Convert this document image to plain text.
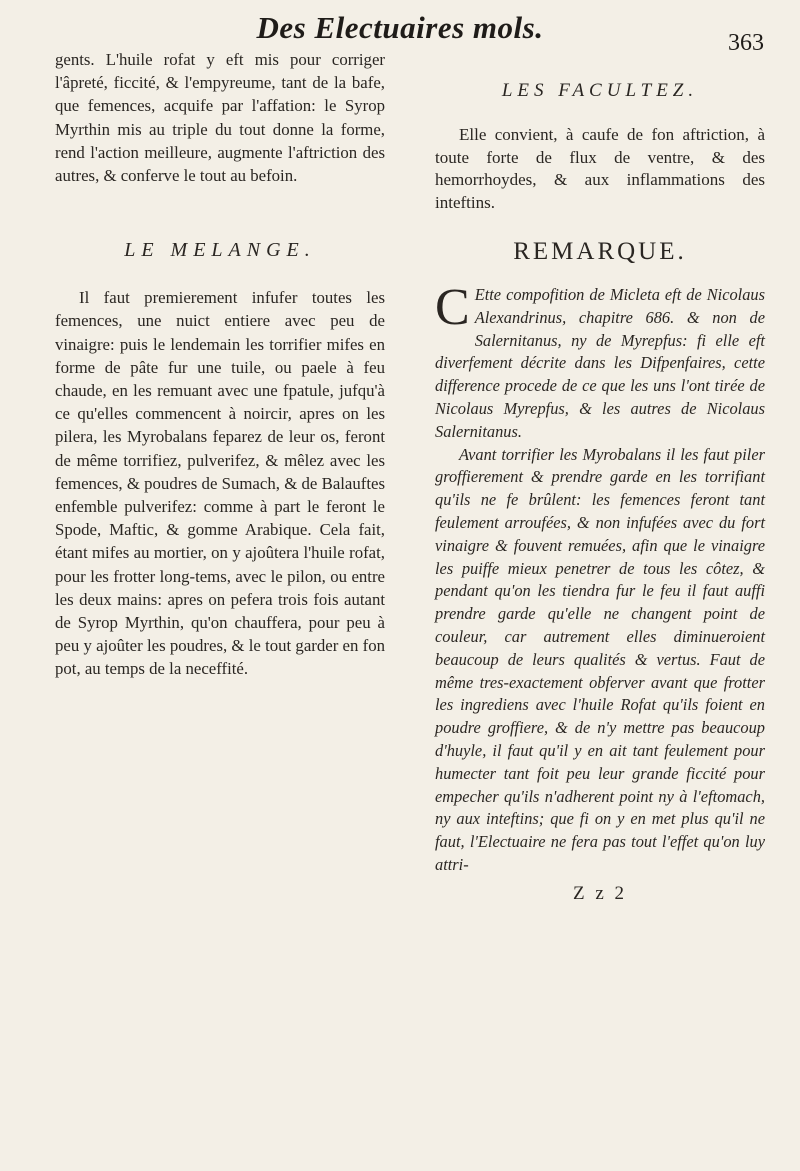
Des Electuaires mols.	363

gents. L'huile rofat y eft mis pour corriger l'âpreté, ficcité, & l'empyreume, tant de la bafe, que femences, acquife par l'affation: le Syrop Myrthin mis au triple du tout donne la forme, rend l'action meilleure, augmente l'aftriction des autres, & conferve le tout au befoin.

LE MELANGE.

Il faut premierement infufer toutes les femences, une nuict entiere avec peu de vinaigre: puis le lendemain les torrifier mifes en forme de pâte fur une tuile, ou paele à feu chaude, en les remuant avec une fpatule, jufqu'à ce qu'elles commencent à noircir, apres on les pilera, les Myrobalans feparez de leur os, feront de même torrifiez, pulverifez, & mêlez avec les femences, & poudres de Sumach, & de Balauftes enfemble pulverifez: comme à part le feront le Spode, Maftic, & gomme Arabique. Cela fait, étant mifes au mortier, on y ajoûtera l'huile rofat, pour les frotter long-tems, avec le pilon, ou entre les deux mains: apres on pefera trois fois autant de Syrop Myrthin, qu'on chauffera, pour peu à peu y ajoûter les poudres, & le tout garder en fon pot, au temps de la neceffité.

LES FACULTEZ.

Elle convient, à caufe de fon aftriction, à toute forte de flux de ventre, & des hemorrhoydes, & aux inflammations des inteftins.

REMARQUE.

C Ette compofition de Micleta eft de Nicolaus Alexandrinus, chapitre 686. & non de Salernitanus, ny de Myrepfus: fi elle eft diverfement décrite dans les Difpenfaires, cette difference procede de ce que les uns l'ont tirée de Nicolaus Myrepfus, & les autres de Nicolaus Salernitanus.

Avant torrifier les Myrobalans il les faut piler groffierement & prendre garde en les torrifiant qu'ils ne fe brûlent: les femences feront tant feulement arroufées, & non infufées avec du fort vinaigre & fouvent remuées, afin que le vinaigre les puiffe mieux penetrer de tous les côtez, & pendant qu'on les tiendra fur le feu il faut auffi prendre garde qu'elle ne changent point de couleur, car autrement elles diminueroient beaucoup de leurs qualités & vertus. Faut de même tres-exactement obferver avant que frotter les ingrediens avec l'huile Rofat qu'ils foient en poudre groffiere, & de n'y mettre pas beaucoup d'huyle, il faut qu'il y en ait tant feulement pour humecter tant foit peu leur grande ficcité pour empecher qu'ils n'adherent point ny à l'eftomach, ny aux inteftins; que fi on y en met plus qu'il ne faut, l'Electuaire ne fera pas tout l'effet qu'on luy attri-

Z z 2
